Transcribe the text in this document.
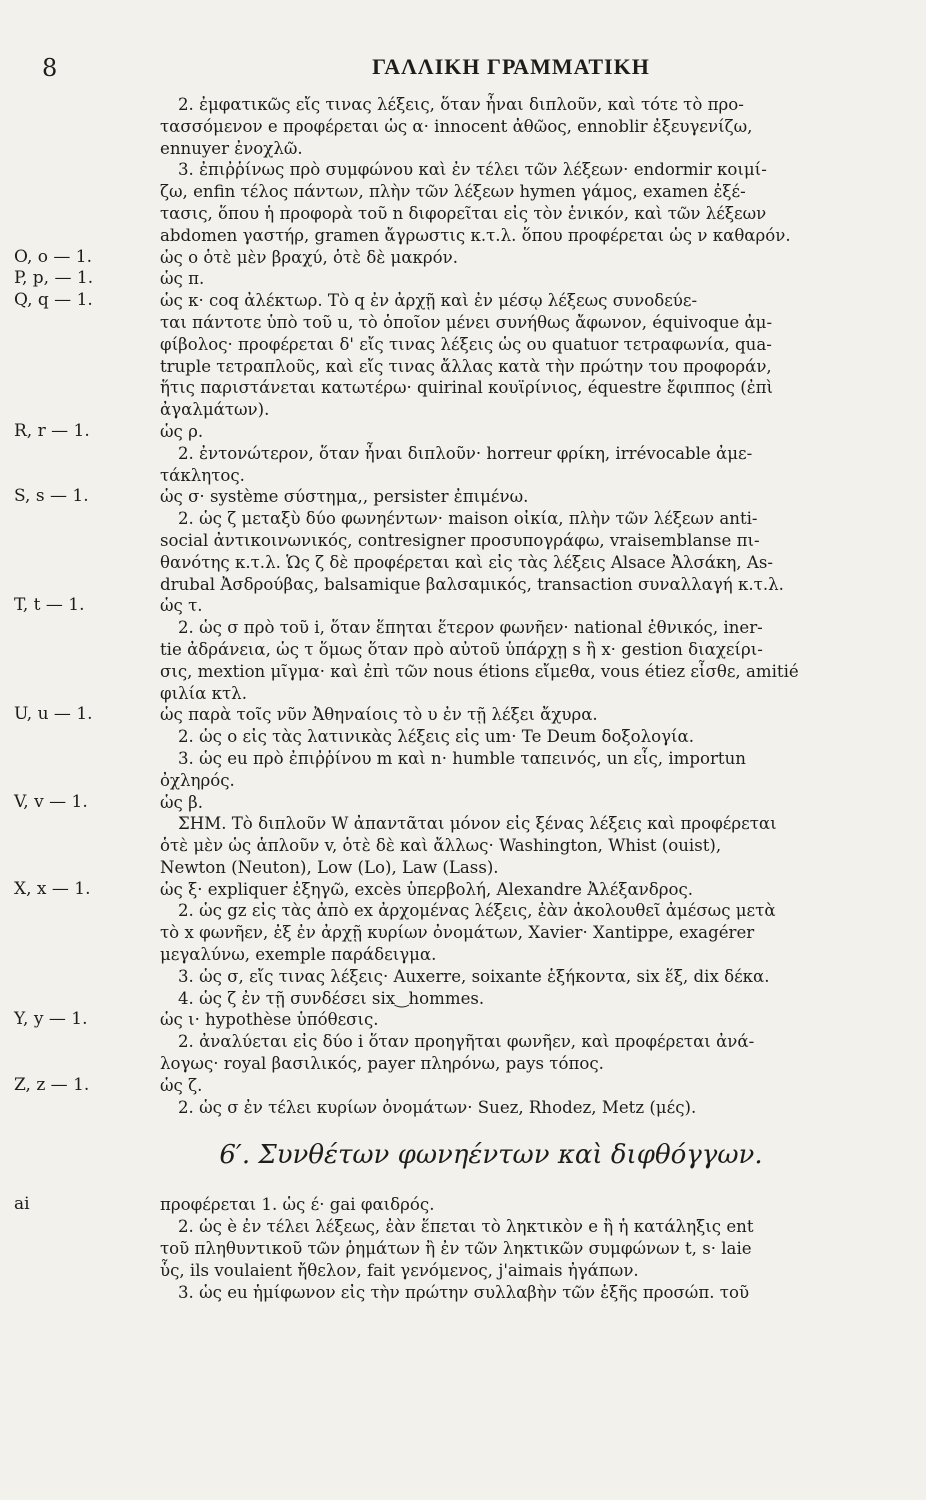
8	ΓΑΛΛΙΚΗ ΓΡΑΜΜΑΤΙΚΗ
2. ἐμφατικῶς εἴς τινας λέξεις, ὅταν ἦναι διπλοῦν, καὶ τότε τὸ προ-
τασσόμενον e προφέρεται ὡς α· innocent ἀθῶος, ennoblir ἐξευγενίζω,
ennuyer ἐνοχλῶ.
3. ἐπιῤῥίνως πρὸ συμφώνου καὶ ἐν τέλει τῶν λέξεων· endormir κοιμί-
ζω, enfin τέλος πάντων, πλὴν τῶν λέξεων hymen γάμος, examen ἐξέ-
τασις, ὅπου ἡ προφορὰ τοῦ n διφορεῖται εἰς τὸν ἑνικόν, καὶ τῶν λέξεων
abdomen γαστήρ, gramen ἄγρωστις κ.τ.λ. ὅπου προφέρεται ὡς ν καθαρόν.
O, o — 1.	ὡς ο ὁτὲ μὲν βραχύ, ὁτὲ δὲ μακρόν.
P, p, — 1.	ὡς π.
Q, q — 1.	ὡς κ· coq ἀλέκτωρ. Τὸ q ἐν ἀρχῇ καὶ ἐν μέσῳ λέξεως συνοδεύε-
ται πάντοτε ὑπὸ τοῦ u, τὸ ὁποῖον μένει συνήθως ἄφωνον, équivoque ἀμ-
φίβολος· προφέρεται δ' εἴς τινας λέξεις ὡς ου quatuor τετραφωνία, qua-
truple τετραπλοῦς, καὶ εἴς τινας ἄλλας κατὰ τὴν πρώτην του προφοράν,
ἥτις παριστάνεται κατωτέρω· quirinal κουϊρίνιος, équestre ἔφιππος (ἐπὶ
ἀγαλμάτων).
R, r — 1.	ὡς ρ.
2. ἐντονώτερον, ὅταν ἦναι διπλοῦν· horreur φρίκη, irrévocable ἀμε-
τάκλητος.
S, s — 1.	ὡς σ· système σύστημα,, persister ἐπιμένω.
2. ὡς ζ μεταξὺ δύο φωνηέντων· maison οἰκία, πλὴν τῶν λέξεων anti-
social ἀντικοινωνικός, contresigner προσυπογράφω, vraisemblanse πι-
θανότης κ.τ.λ. Ὡς ζ δὲ προφέρεται καὶ εἰς τὰς λέξεις Alsace Ἀλσάκη, As-
drubal Ἀσδρούβας, balsamique βαλσαμικός, transaction συναλλαγή κ.τ.λ.
T, t — 1.	ὡς τ.
2. ὡς σ πρὸ τοῦ i, ὅταν ἕπηται ἕτερον φωνῆεν· national ἐθνικός, iner-
tie ἀδράνεια, ὡς τ ὅμως ὅταν πρὸ αὐτοῦ ὑπάρχῃ s ἢ x· gestion διαχείρι-
σις, mextion μῖγμα· καὶ ἐπὶ τῶν nous étions εἴμεθα, vous étiez εἶσθε, amitié
φιλία κτλ.
U, u — 1.	ὡς παρὰ τοῖς νῦν Ἀθηναίοις τὸ υ ἐν τῇ λέξει ἄχυρα.
2. ὡς ο εἰς τὰς λατινικὰς λέξεις εἰς um· Te Deum δοξολογία.
3. ὡς eu πρὸ ἐπιῤῥίνου m καὶ n· humble ταπεινός, un εἷς, importun
ὀχληρός.
V, v — 1.	ὡς β.
ΣΗΜ. Τὸ διπλοῦν W ἀπαντᾶται μόνον εἰς ξένας λέξεις καὶ προφέρεται
ὁτὲ μὲν ὡς ἁπλοῦν v, ὁτὲ δὲ καὶ ἄλλως· Washington, Whist (ouist),
Newton (Neuton), Low (Lo), Law (Lass).
X, x — 1.	ὡς ξ· expliquer ἐξηγῶ, excès ὑπερβολή, Alexandre Ἀλέξανδρος.
2. ὡς gz εἰς τὰς ἀπὸ ex ἀρχομένας λέξεις, ἐὰν ἀκολουθεῖ ἀμέσως μετὰ
τὸ x φωνῆεν, ἐξ ἐν ἀρχῇ κυρίων ὀνομάτων, Xavier· Xantippe, exagérer
μεγαλύνω, exemple παράδειγμα.
3. ὡς σ, εἴς τινας λέξεις· Auxerre, soixante ἑξήκοντα, six ἕξ, dix δέκα.
4. ὡς ζ ἐν τῇ συνδέσει six‿hommes.
Y, y — 1.	ὡς ι· hypothèse ὑπόθεσις.
2. ἀναλύεται εἰς δύο i ὅταν προηγῆται φωνῆεν, καὶ προφέρεται ἀνά-
λογως· royal βασιλικός, payer πληρόνω, pays τόπος.
Z, z — 1.	ὡς ζ.
2. ὡς σ ἐν τέλει κυρίων ὀνομάτων· Suez, Rhodez, Metz (μές).
6′. Συνθέτων φωνηέντων καὶ διφθόγγων.
ai	προφέρεται 1. ὡς έ· gai φαιδρός.
2. ὡς è ἐν τέλει λέξεως, ἐὰν ἕπεται τὸ ληκτικὸν e ἢ ἡ κατάληξις ent
τοῦ πληθυντικοῦ τῶν ῥημάτων ἢ ἐν τῶν ληκτικῶν συμφώνων t, s· laie
ὗς, ils voulaient ἤθελον, fait γενόμενος, j'aimais ἠγάπων.
3. ὡς eu ἡμίφωνον εἰς τὴν πρώτην συλλαβὴν τῶν ἑξῆς προσώπ. τοῦ
